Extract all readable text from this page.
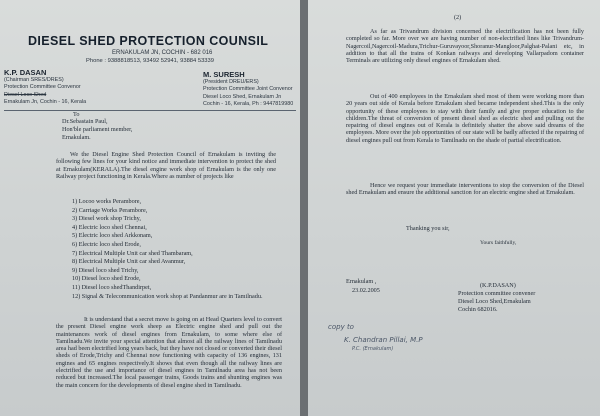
DIESEL SHED PROTECTION COUNSIL
ERNAKULAM JN, COCHIN - 682 016
Phone : 9388818513, 93492 52941, 93884 53339
K.P. DASAN
(Chairman SRES/DRES)
Protection Committee Convenor
Diesel Loco Shed
Ernakulam Jn, Cochin - 16, Kerala
M. SURESH
(President DREU/ERS)
Protection Committee Joint Convenor
Diesel Loco Shed, Ernakulam Jn
Cochin - 16, Kerala, Ph : 9447819980
To
Dr.Sebastain Paul,
Hon'ble parliament member,
Ernakulam.
We the Diesel Engine Shed Protection Council of Ernakulam is inviting the following few lines for your kind notice and immediate intervention to protect the shed at Ernakulam(KERALA).The diesel engine work shop of Ernakulam is the only one Railway project functioning in Kerala.Where as number of projects like
1) Locoo works Perambore,
2) Carriage Works Perambore,
3) Diesel work shop Trichy,
4) Electric loco shed Chennai,
5) Electric loco shed Arkkonam,
6) Electric loco shed Erode,
7) Electrical Multiple Unit car shed Thambaram,
8) Electrical Multiple Unit car shed Avanmur,
9) Diesel loco shed Trichy,
10) Diesel loco shed Erode,
11) Diesel loco shedThandirpet,
12) Signal & Telecommunication work shop at Pandanmur are in Tamilnadu.
It is understand that a secret move is going on at Head Quarters level to convert the present Diesel engine work sheep as Electric engine shed and pull out the maintenances work of diesel engines from Ernakulam, to some where else of Tamilnadu.We invite your special attention that almost all the railway lines of Tamilnadu area had been electrified long years back, but they have not closed or converted their diesel sheds of Erode,Trichy and Chennai now functioning with capacity of 136 engines, 131 engines and 65 engines respectively.It shows that even though all the railway lines are electrified the use and importance of diesel engines in Tamilnadu area has not been reduced but increased.The local passenger trains, Goods trains and shunting engines was the main concern for the developments of diesel engine shed in Tamilnadu.
(2)
As far as Trivandrum division concerned the electrification has not been fully completed so far. More over we are having number of non-electrified lines like Trivandrum-Nagercoil,Nagercoil-Madura,Trichur-Guruvayoor,Shoranur-Mangloor,Palghat-Palani etc, in addition to that all the trains of Konkan railways and developing Vallarpadom container Terminals are utilizing only diesel engines of Ernakulam shed.
Out of 400 employees in the Ernakulam shed most of them were working more than 20 years out side of Kerala before Ernakulam shed became independent shed.This is the only opportunity of these employees to stay with their family and give proper education to the children.The threat of conversion of present diesel shed as electric shed and pulling out the repairing of diesel engines out of Kerala is definitely shatter the above said dreams of the employees. More over the job opportunities of our state will be badly affected if the repairing of diesel engines pull out from Kerala to Tamilnadu on the shade of partial electrification.
Hence we request your immediate interventions to stop the conversion of the Diesel shed Ernakulam and ensure the additional sanction for an electric engine shed at Ernakulam.
Thanking you sir,
Yours faithfully,
Ernakulam ,
23.02.2005
(K.P.DASAN)
Protection committee convener
Diesel Loco Shed,Ernakulam
Cochin 682016.
copy to
K. Chandran Pillai, M.P
P.C. (Ernakulam)
